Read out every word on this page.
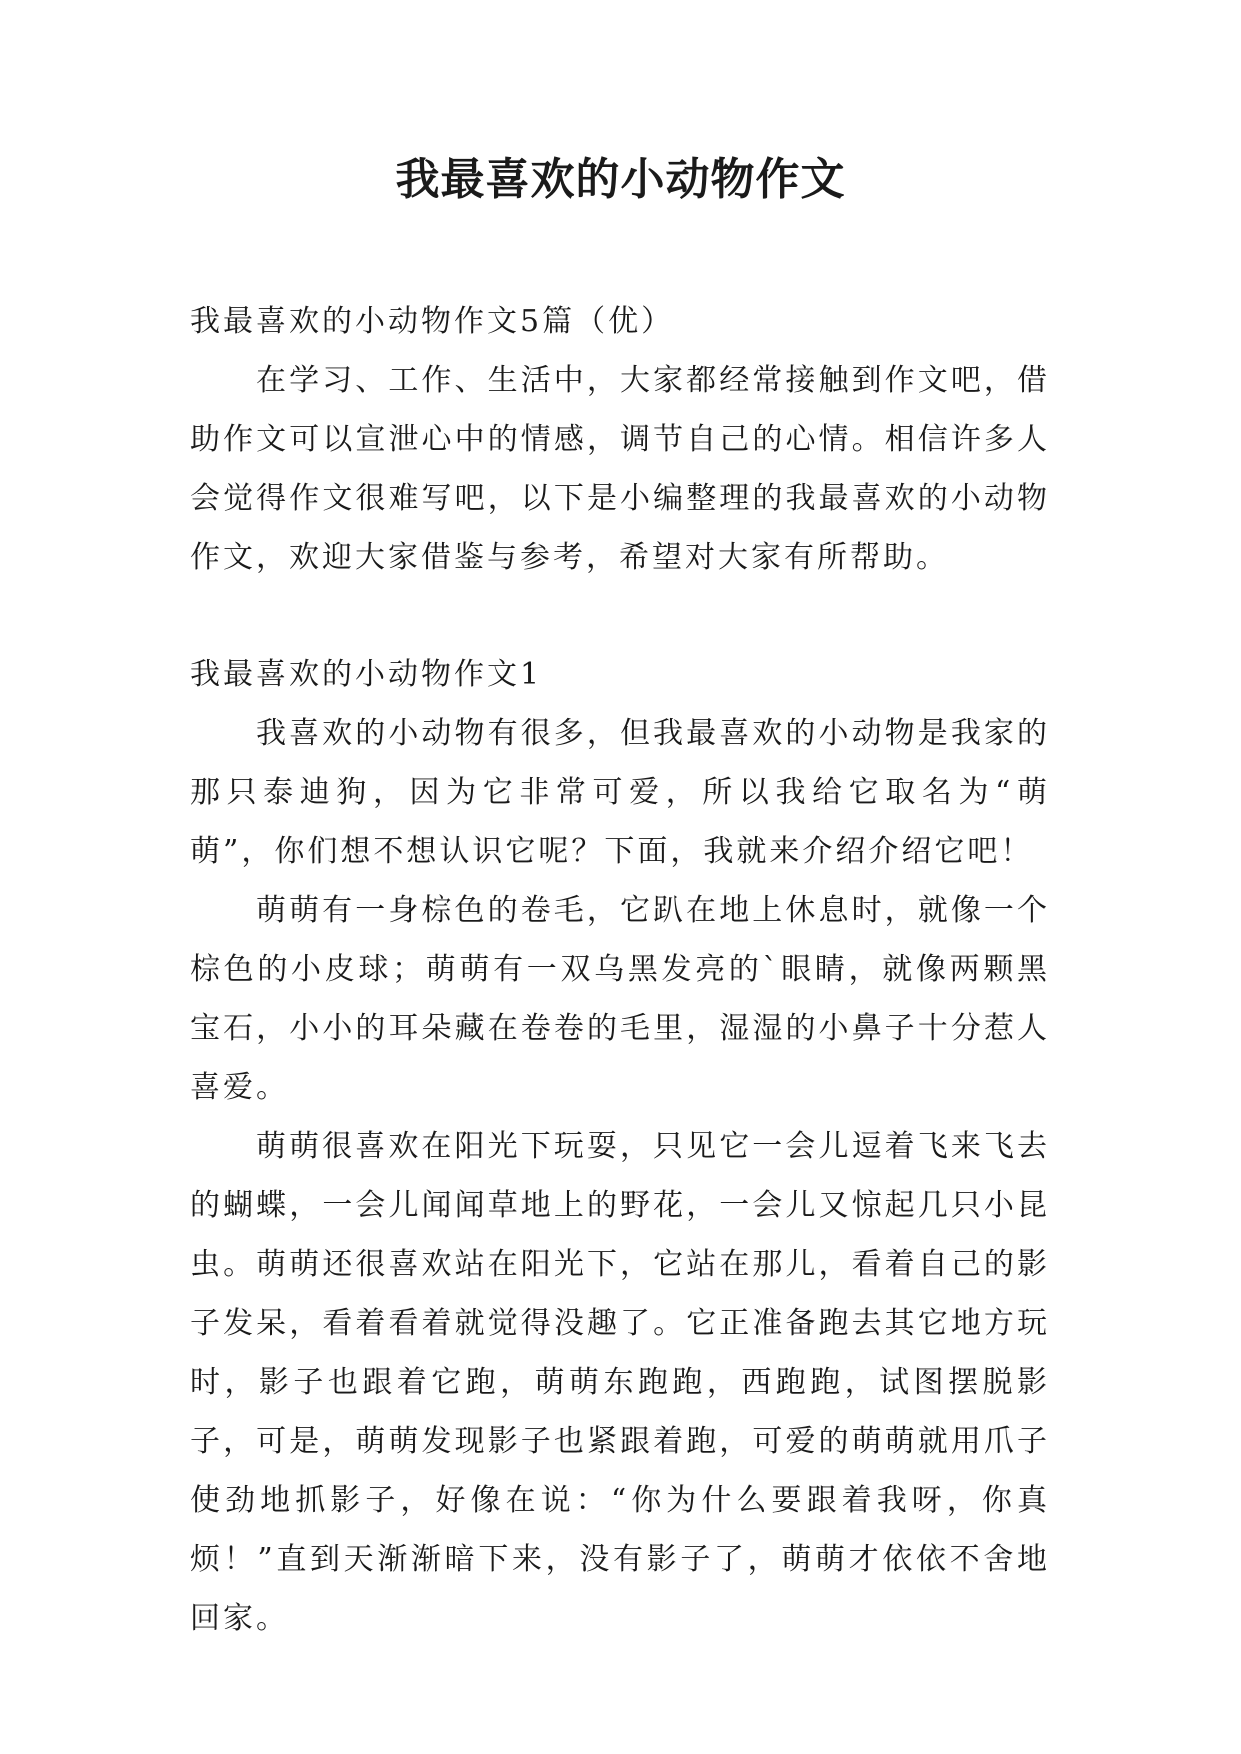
我最喜欢的小动物作文

我最喜欢的小动物作文5篇（优）

在学习、工作、生活中，大家都经常接触到作文吧，借助作文可以宣泄心中的情感，调节自己的心情。相信许多人会觉得作文很难写吧，以下是小编整理的我最喜欢的小动物作文，欢迎大家借鉴与参考，希望对大家有所帮助。

我最喜欢的小动物作文1

我喜欢的小动物有很多，但我最喜欢的小动物是我家的那只泰迪狗，因为它非常可爱，所以我给它取名为“萌萌”，你们想不想认识它呢？下面，我就来介绍介绍它吧！

萌萌有一身棕色的卷毛，它趴在地上休息时，就像一个棕色的小皮球；萌萌有一双乌黑发亮的`眼睛，就像两颗黑宝石，小小的耳朵藏在卷卷的毛里，湿湿的小鼻子十分惹人喜爱。

萌萌很喜欢在阳光下玩耍，只见它一会儿逗着飞来飞去的蝴蝶，一会儿闻闻草地上的野花，一会儿又惊起几只小昆虫。萌萌还很喜欢站在阳光下，它站在那儿，看着自己的影子发呆，看着看着就觉得没趣了。它正准备跑去其它地方玩时，影子也跟着它跑，萌萌东跑跑，西跑跑，试图摆脱影子，可是，萌萌发现影子也紧跟着跑，可爱的萌萌就用爪子使劲地抓影子，好像在说：“你为什么要跟着我呀，你真烦！”直到天渐渐暗下来，没有影子了，萌萌才依依不舍地回家。
